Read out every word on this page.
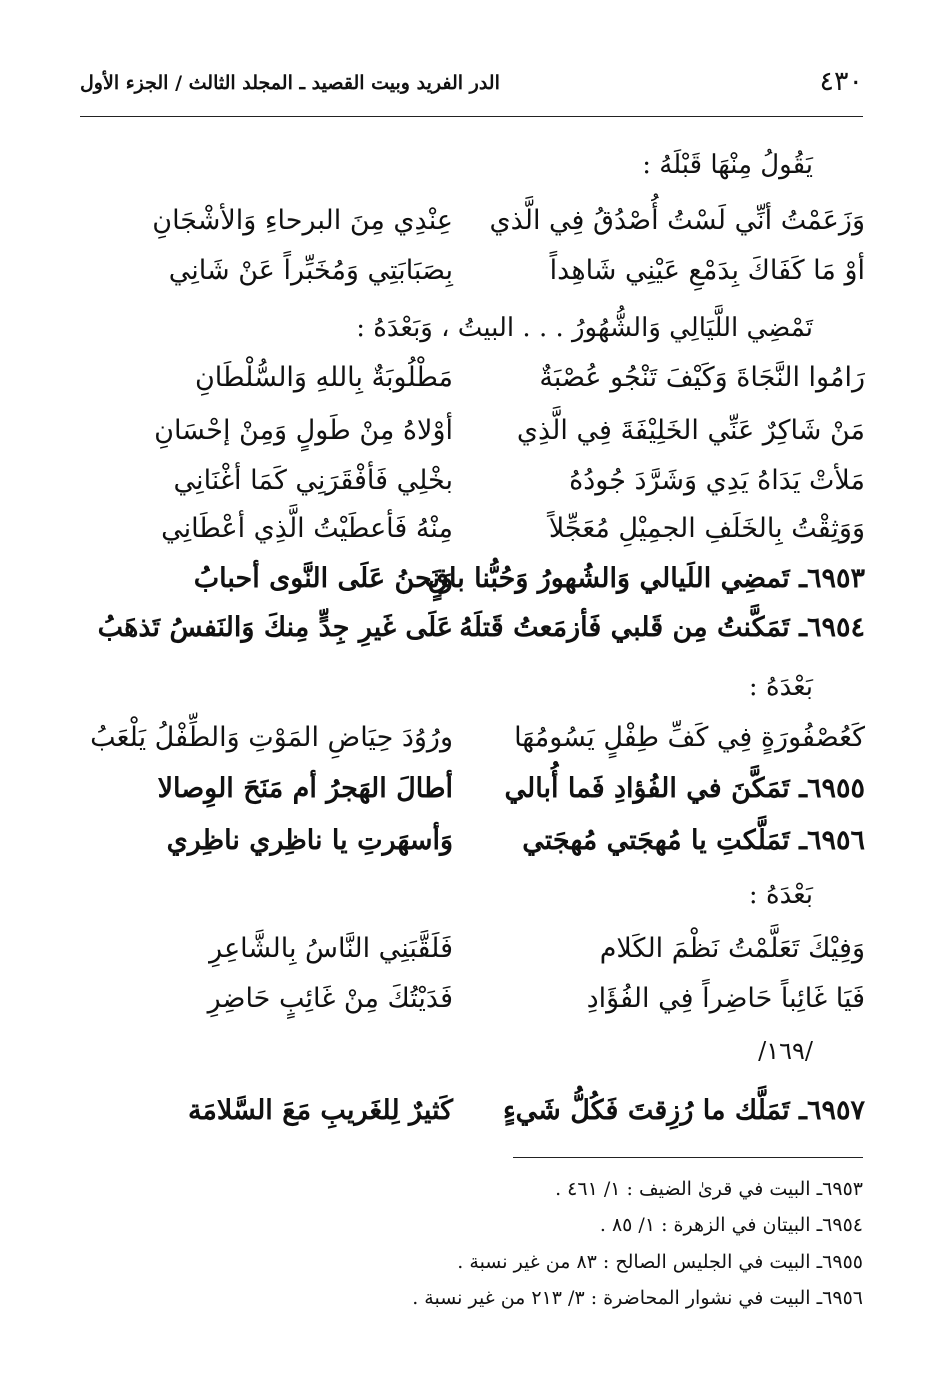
٤٣٠
الدر الفريد وبيت القصيد ـ المجلد الثالث / الجزء الأول
يَقُولُ مِنْهَا قَبْلَهُ :
وَزَعَمْتُ أنِّي لَسْتُ أُصْدُقُ فِي الَّذي
عِنْدِي مِنَ البرحاءِ وَالأشْجَانِ
أوْ مَا كَفَاكَ بِدَمْعِ عَيْنِي شَاهِداً
بِصَبَابَتِي وَمُخَبِّراً عَنْ شَانِي
تَمْضِي اللَّيَالِي وَالشُّهُورُ . . . البيتُ ، وَبَعْدَهُ :
رَامُوا النَّجَاةَ وَكَيْفَ تَنْجُو عُصْبَةٌ
مَطْلُوبَةٌ بِاللهِ وَالسُّلْطَانِ
مَنْ شَاكِرٌ عَنِّي الخَلِيْفَةَ فِي الَّذِي
أوْلاهُ مِنْ طَولٍ وَمِنْ إحْسَانِ
مَلأتْ يَدَاهُ يَدِي وَشَرَّدَ جُودُهُ
بخْلِي فَأفْقَرَنِي كَمَا أغْنَانِي
وَوَثِقْتُ بِالخَلَفِ الجمِيْلِ مُعَجِّلاً
مِنْهُ فَأعطَيْتُ الَّذِي أعْطَانِي
٦٩٥٣ـ تَمضِي اللَيالي وَالشُهورُ وَحُبُّنا باقٍ
وَنَحنُ عَلَى النَّوى أحبابُ
٦٩٥٤ـ تَمَكَّنتُ مِن قَلبي فَأزمَعتُ قَتلَهُ
عَلَى غَيرِ جِدٍّ مِنكَ وَالنَفسُ تَذهَبُ
بَعْدَهُ :
كَعُصْفُورَةٍ فِي كَفِّ طِفْلٍ يَسُومُهَا
ورُوُدَ حِيَاضِ المَوْتِ وَالطِّفْلُ يَلْعَبُ
٦٩٥٥ـ تَمَكَّنَ في الفُؤادِ فَما أُبالي
أطالَ الهَجرُ أم مَنَحَ الوِصالا
٦٩٥٦ـ تَمَلَّكتِ يا مُهجَتي مُهجَتي
وَأسهَرتِ يا ناظِري ناظِري
بَعْدَهُ :
وَفِيْكَ تَعَلَّمْتُ نَظْمَ الكَلام
فَلَقَّبَنِي النَّاسُ بِالشَّاعِرِ
فَيَا غَائِباً حَاضِراً فِي الفُؤَادِ
فَدَيْتُكَ مِنْ غَائِبٍ حَاضِرِ
/١٦٩/
٦٩٥٧ـ تَمَلَّك ما رُزِقتَ فَكُلُّ شَيءٍ
كَثيرٌ لِلغَريبِ مَعَ السَّلامَة
٦٩٥٣ـ البيت في قرىٰ الضيف : ١/ ٤٦١ .
٦٩٥٤ـ البيتان في الزهرة : ١/ ٨٥ .
٦٩٥٥ـ البيت في الجليس الصالح : ٨٣ من غير نسبة .
٦٩٥٦ـ البيت في نشوار المحاضرة : ٣/ ٢١٣ من غير نسبة .
